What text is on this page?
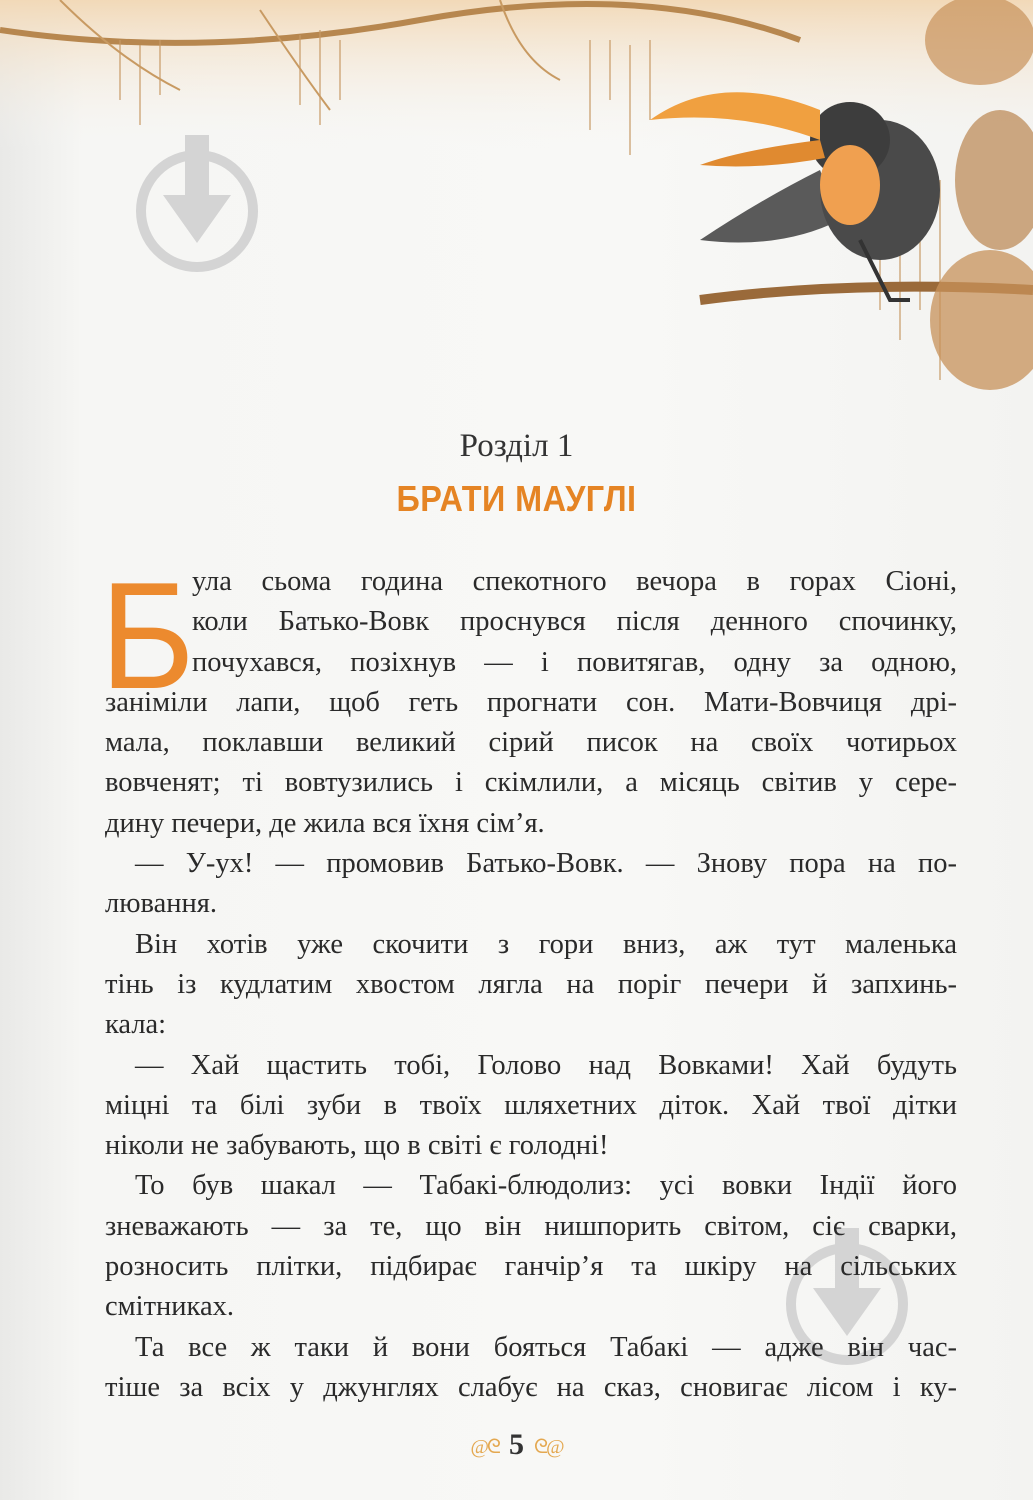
Розділ 1
БРАТИ МАУГЛІ
Б
ула сьома година спекотного вечора в горах Сіоні,
коли Батько-Вовк проснувся після денного спочинку,
почухався, позіхнув — і повитягав, одну за одною,
заніміли лапи, щоб геть прогнати сон. Мати-Вовчиця дрі-
мала, поклавши великий сірий писок на своїх чотирьох
вовченят; ті вовтузились і скімлили, а місяць світив у сере-
дину печери, де жила вся їхня сім’я.
— У-ух! — промовив Батько-Вовк. — Знову пора на по-
лювання.
Він хотів уже скочити з гори вниз, аж тут маленька
тінь із кудлатим хвостом лягла на поріг печери й запхинь-
кала:
— Хай щастить тобі, Голово над Вовками! Хай будуть
міцні та білі зуби в твоїх шляхетних діток. Хай твої дітки
ніколи не забувають, що в світі є голодні!
То був шакал — Табакі-блюдолиз: усі вовки Індії його
зневажають — за те, що він нишпорить світом, сіє сварки,
розносить плітки, підбирає ганчір’я та шкіру на сільських
смітниках.
Та все ж таки й вони бояться Табакі — адже він час-
тіше за всіх у джунглях слабує на сказ, сновигає лісом і ку-
@ᘓ 5 ᘓ@
